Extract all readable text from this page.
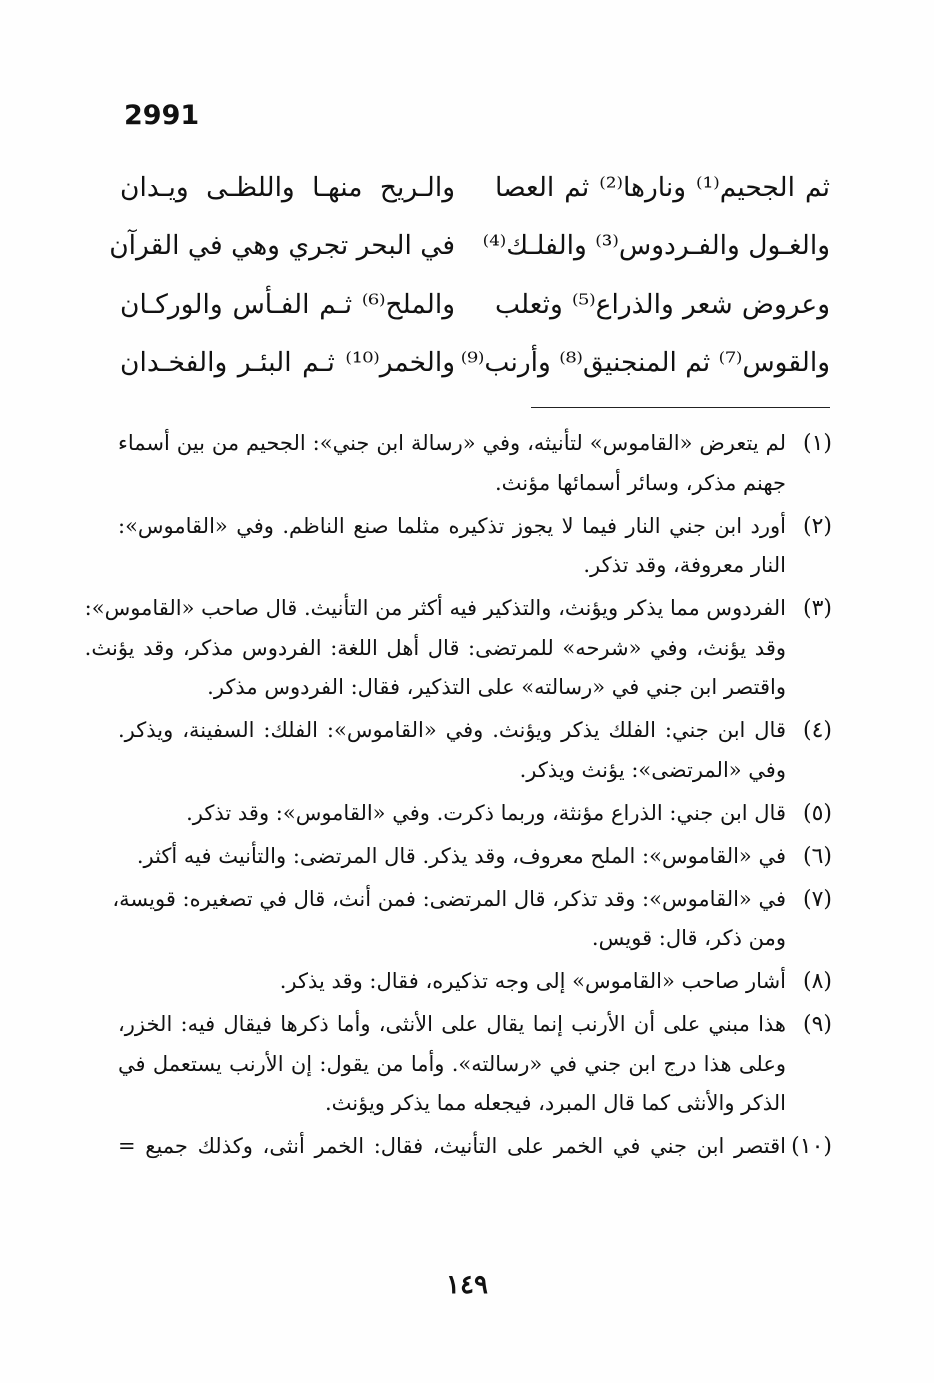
2991
والـريح منهـا واللظـى ويـدان ثم الجحيم⁽¹⁾ ونارها⁽²⁾ ثم العصا
في البحر تجري وهي في القرآن والغـول والفـردوس⁽³⁾ والفلـك⁽⁴⁾
والملح⁽⁶⁾ ثـم الفـأس والوركـان وعروض شعر والذراع⁽⁵⁾ وثعلب
والخمر⁽¹⁰⁾ ثـم البئـر والفخـدان والقوس⁽⁷⁾ ثم المنجنيق⁽⁸⁾ وأرنب⁽⁹⁾
(١)
لم يتعرض «القاموس» لتأنيثه، وفي «رسالة ابن جني»: الجحيم من بين أسماء
جهنم مذكر، وسائر أسمائها مؤنث.
(٢)
أورد ابن جني النار فيما لا يجوز تذكيره مثلما صنع الناظم. وفي «القاموس»:
النار معروفة، وقد تذكر.
(٣)
الفردوس مما يذكر ويؤنث، والتذكير فيه أكثر من التأنيث. قال صاحب «القاموس»:
وقد يؤنث، وفي «شرحه» للمرتضى: قال أهل اللغة: الفردوس مذكر، وقد يؤنث.
واقتصر ابن جني في «رسالته» على التذكير، فقال: الفردوس مذكر.
(٤)
قال ابن جني: الفلك يذكر ويؤنث. وفي «القاموس»: الفلك: السفينة، ويذكر.
وفي «المرتضى»: يؤنث ويذكر.
(٥)
قال ابن جني: الذراع مؤنثة، وربما ذكرت. وفي «القاموس»: وقد تذكر.
(٦)
في «القاموس»: الملح معروف، وقد يذكر. قال المرتضى: والتأنيث فيه أكثر.
(٧)
في «القاموس»: وقد تذكر، قال المرتضى: فمن أنث، قال في تصغيره: قويسة،
ومن ذكر، قال: قويس.
(٨)
أشار صاحب «القاموس» إلى وجه تذكيره، فقال: وقد يذكر.
(٩)
هذا مبني على أن الأرنب إنما يقال على الأنثى، وأما ذكرها فيقال فيه: الخزر،
وعلى هذا درج ابن جني في «رسالته». وأما من يقول: إن الأرنب يستعمل في
الذكر والأنثى كما قال المبرد، فيجعله مما يذكر ويؤنث.
(١٠)
اقتصر ابن جني في الخمر على التأنيث، فقال: الخمر أنثى، وكذلك جميع =
١٤٩
